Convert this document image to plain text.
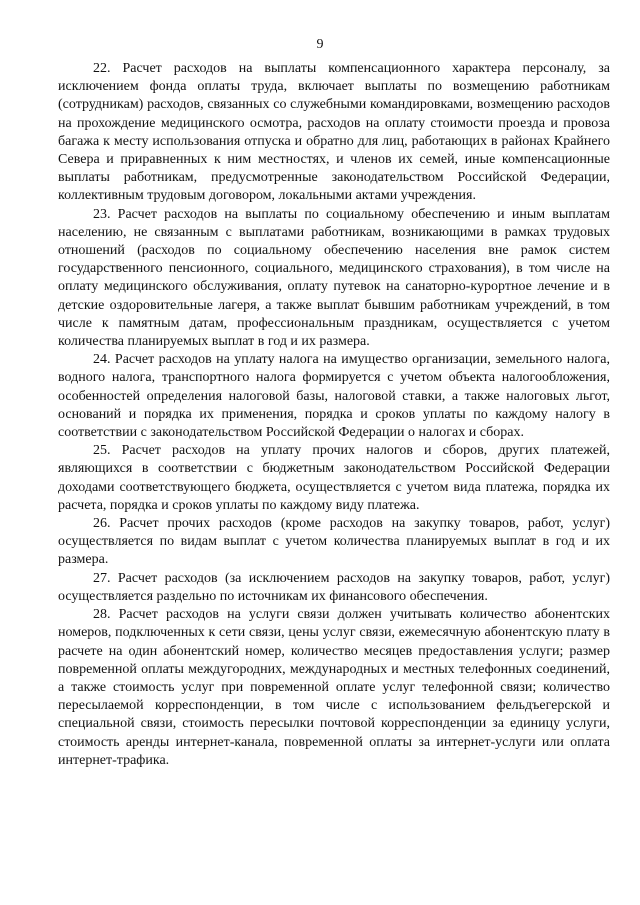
9

22. Расчет расходов на выплаты компенсационного характера персоналу, за исключением фонда оплаты труда, включает выплаты по возмещению работникам (сотрудникам) расходов, связанных со служебными командировками, возмещению расходов на прохождение медицинского осмотра, расходов на оплату стоимости проезда и провоза багажа к месту использования отпуска и обратно для лиц, работающих в районах Крайнего Севера и приравненных к ним местностях, и членов их семей, иные компенсационные выплаты работникам, предусмотренные законодательством Российской Федерации, коллективным трудовым договором, локальными актами учреждения.

23. Расчет расходов на выплаты по социальному обеспечению и иным выплатам населению, не связанным с выплатами работникам, возникающими в рамках трудовых отношений (расходов по социальному обеспечению населения вне рамок систем государственного пенсионного, социального, медицинского страхования), в том числе на оплату медицинского обслуживания, оплату путевок на санаторно-курортное лечение и в детские оздоровительные лагеря, а также выплат бывшим работникам учреждений, в том числе к памятным датам, профессиональным праздникам, осуществляется с учетом количества планируемых выплат в год и их размера.

24. Расчет расходов на уплату налога на имущество организации, земельного налога, водного налога, транспортного налога формируется с учетом объекта налогообложения, особенностей определения налоговой базы, налоговой ставки, а также налоговых льгот, оснований и порядка их применения, порядка и сроков уплаты по каждому налогу в соответствии с законодательством Российской Федерации о налогах и сборах.

25. Расчет расходов на уплату прочих налогов и сборов, других платежей, являющихся в соответствии с бюджетным законодательством Российской Федерации доходами соответствующего бюджета, осуществляется с учетом вида платежа, порядка их расчета, порядка и сроков уплаты по каждому виду платежа.

26. Расчет прочих расходов (кроме расходов на закупку товаров, работ, услуг) осуществляется по видам выплат с учетом количества планируемых выплат в год и их размера.

27. Расчет расходов (за исключением расходов на закупку товаров, работ, услуг) осуществляется раздельно по источникам их финансового обеспечения.

28. Расчет расходов на услуги связи должен учитывать количество абонентских номеров, подключенных к сети связи, цены услуг связи, ежемесячную абонентскую плату в расчете на один абонентский номер, количество месяцев предоставления услуги; размер повременной оплаты междугородних, международных и местных телефонных соединений, а также стоимость услуг при повременной оплате услуг телефонной связи; количество пересылаемой корреспонденции, в том числе с использованием фельдъегерской и специальной связи, стоимость пересылки почтовой корреспонденции за единицу услуги, стоимость аренды интернет-канала, повременной оплаты за интернет-услуги или оплата интернет-трафика.
